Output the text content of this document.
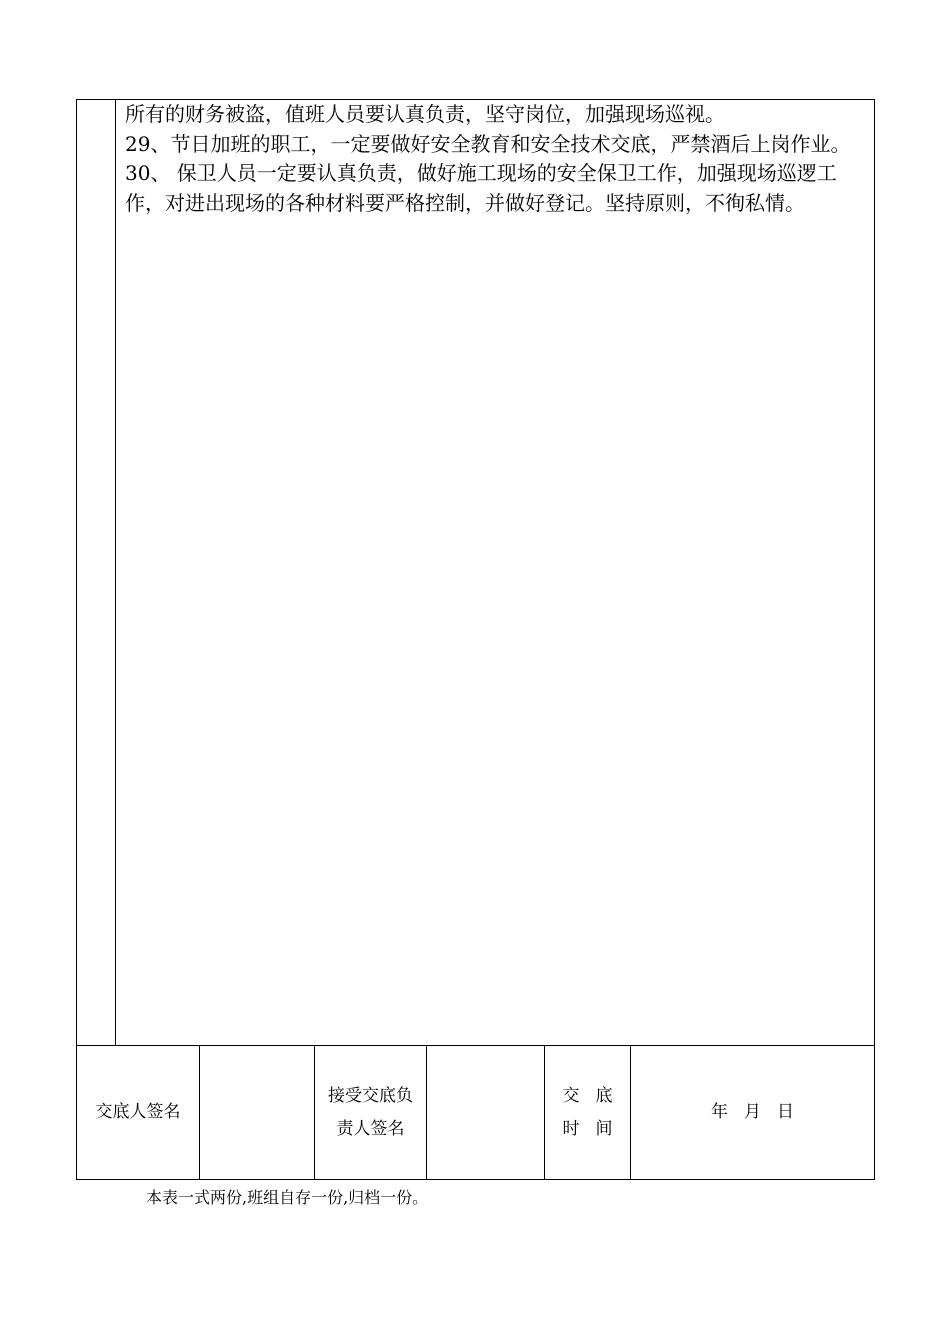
所有的财务被盗，值班人员要认真负责，坚守岗位，加强现场巡视。

29、节日加班的职工，一定要做好安全教育和安全技术交底，严禁酒后上岗作业。

30、 保卫人员一定要认真负责，做好施工现场的安全保卫工作，加强现场巡逻工作，对进出现场的各种材料要严格控制，并做好登记。坚持原则，不徇私情。

交底人签名
接受交底负
责人签名
交 底
时 间
年 月 日
本表一式两份,班组自存一份,归档一份。
